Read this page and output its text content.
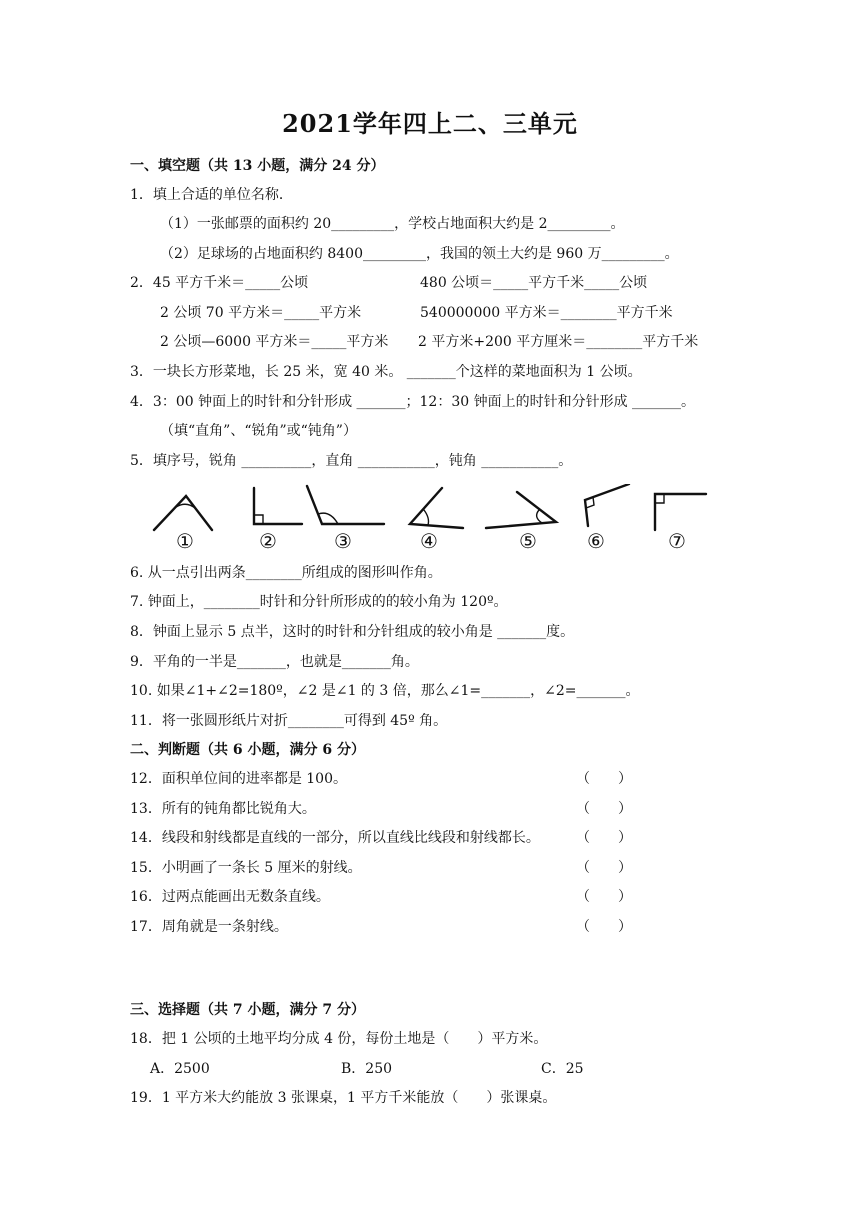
2021学年四上二、三单元
一、填空题（共 13 小题，满分 24 分）
1．填上合适的单位名称．
（1）一张邮票的面积约 20_________，学校占地面积大约是 2_________。
（2）足球场的占地面积约 8400_________，我国的领土大约是 960 万_________。
2．45 平方千米＝_____公顷	480 公顷＝_____平方千米_____公顷
2 公顷 70 平方米＝_____平方米	540000000 平方米＝________平方千米
2 公顷—6000 平方米＝_____平方米 2 平方米+200 平方厘米＝________平方千米
3．一块长方形菜地，长 25 米，宽 40 米。 _______个这样的菜地面积为 1 公顷。
4．3：00 钟面上的时针和分针形成 _______；12：30 钟面上的时针和分针形成 _______。
（填“直角”、“锐角”或“钝角”）
5．填序号，锐角 __________，直角 ___________，钝角 ___________。
①	②	③	④	⑤	⑥	⑦
6. 从一点引出两条________所组成的图形叫作角。
7. 钟面上，________时针和分针所形成的的较小角为 120º。
8．钟面上显示 5 点半，这时的时针和分针组成的较小角是 _______度。
9．平角的一半是_______，也就是_______角。
10. 如果∠1+∠2=180º，∠2 是∠1 的 3 倍，那么∠1=_______，∠2=_______。
11．将一张圆形纸片对折________可得到 45º 角。
二、判断题（共 6 小题，满分 6 分）
12．面积单位间的进率都是 100。	（　　）
13．所有的钝角都比锐角大。	（　　）
14．线段和射线都是直线的一部分，所以直线比线段和射线都长。	（　　）
15．小明画了一条长 5 厘米的射线。	（　　）
16．过两点能画出无数条直线。	（　　）
17．周角就是一条射线。	（　　）
三、选择题（共 7 小题，满分 7 分）
18．把 1 公顷的土地平均分成 4 份，每份土地是（　　）平方米。
A．2500	B．250	C．25
19．1 平方米大约能放 3 张课桌，1 平方千米能放（　　）张课桌。
